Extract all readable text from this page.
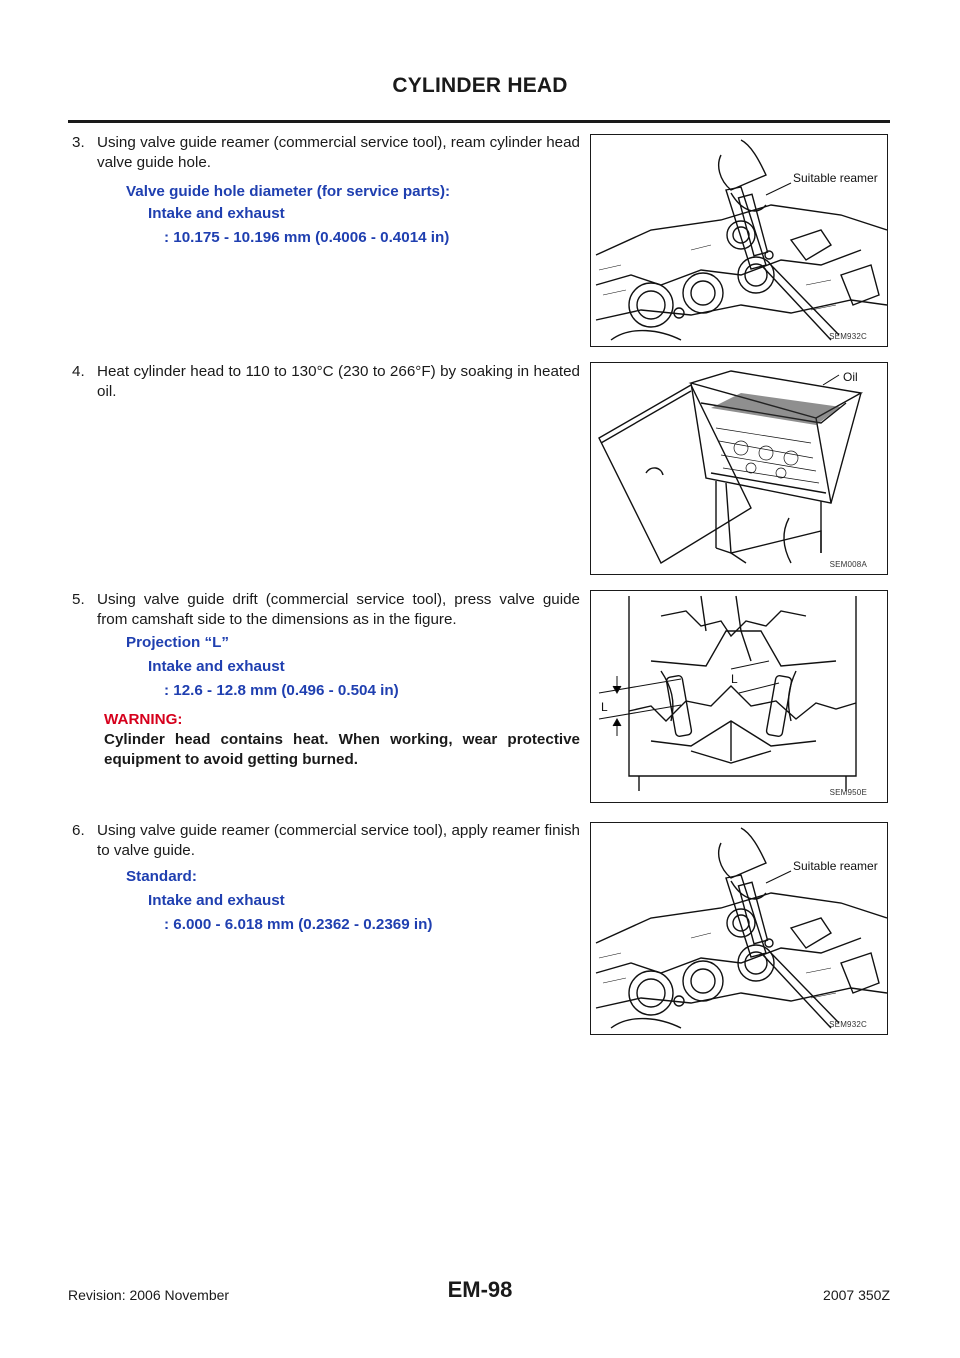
CYLINDER HEAD
3. Using valve guide reamer (commercial service tool), ream cylinder head valve guide hole.
Valve guide hole diameter (for service parts):
Intake and exhaust
: 10.175 - 10.196 mm (0.4006 - 0.4014 in)
Suitable reamer
SEM932C
4. Heat cylinder head to 110 to 130°C (230 to 266°F) by soaking in heated oil.
Oil
SEM008A
5. Using valve guide drift (commercial service tool), press valve guide from camshaft side to the dimensions as in the figure.
Projection “L”
Intake and exhaust
: 12.6 - 12.8 mm (0.496 - 0.504 in)
WARNING:
Cylinder head contains heat. When working, wear protective equipment to avoid getting burned.
L
L
SEM950E
6. Using valve guide reamer (commercial service tool), apply reamer finish to valve guide.
Standard:
Intake and exhaust
: 6.000 - 6.018 mm (0.2362 - 0.2369 in)
Suitable reamer
SEM932C
Revision: 2006 November	EM-98	2007 350Z
